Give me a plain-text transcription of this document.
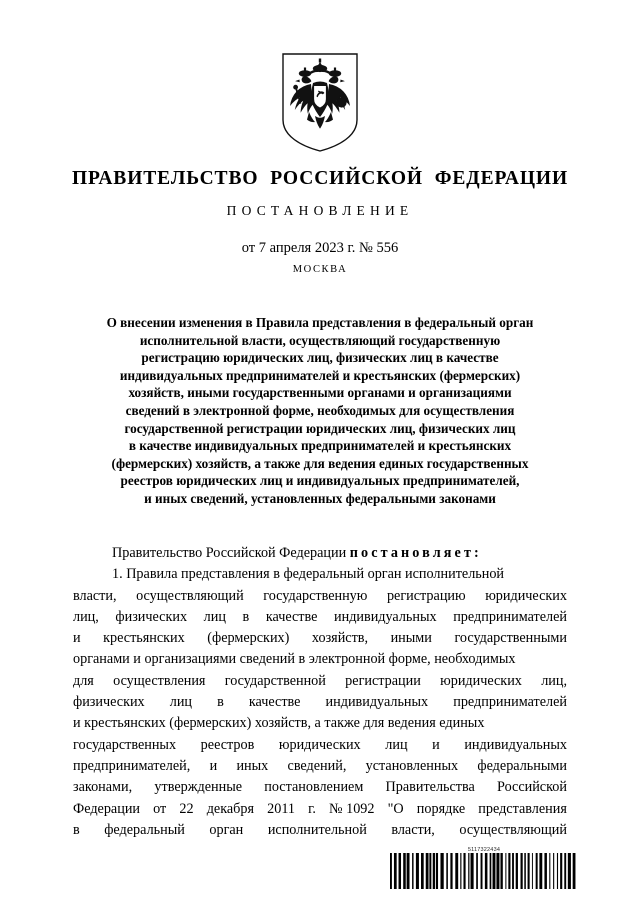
ПРАВИТЕЛЬСТВО РОССИЙСКОЙ ФЕДЕРАЦИИ
ПОСТАНОВЛЕНИЕ
от 7 апреля 2023 г. № 556
МОСКВА
О внесении изменения в Правила представления в федеральный орган
исполнительной власти, осуществляющий государственную
регистрацию юридических лиц, физических лиц в качестве
индивидуальных предпринимателей и крестьянских (фермерских)
хозяйств, иными государственными органами и организациями
сведений в электронной форме, необходимых для осуществления
государственной регистрации юридических лиц, физических лиц
в качестве индивидуальных предпринимателей и крестьянских
(фермерских) хозяйств, а также для ведения единых государственных
реестров юридических лиц и индивидуальных предпринимателей,
и иных сведений, установленных федеральными законами
Правительство Российской Федерации
постановляет:
1. Правила
представления
в
федеральный
орган
исполнительной
власти, осуществляющий государственную регистрацию юридических
лиц, физических лиц в качестве индивидуальных предпринимателей
и крестьянских (фермерских) хозяйств, иными государственными
органами и организациями сведений в электронной форме, необходимых
для осуществления государственной регистрации юридических лиц,
физических лиц в качестве индивидуальных предпринимателей
и крестьянских (фермерских) хозяйств, а также для ведения единых
государственных реестров юридических лиц и индивидуальных
предпринимателей, и иных сведений, установленных федеральными
законами, утвержденные постановлением Правительства Российской
Федерации от 22 декабря 2011 г. № 1092 "О порядке представления
в федеральный орган исполнительной власти, осуществляющий
5117322434
